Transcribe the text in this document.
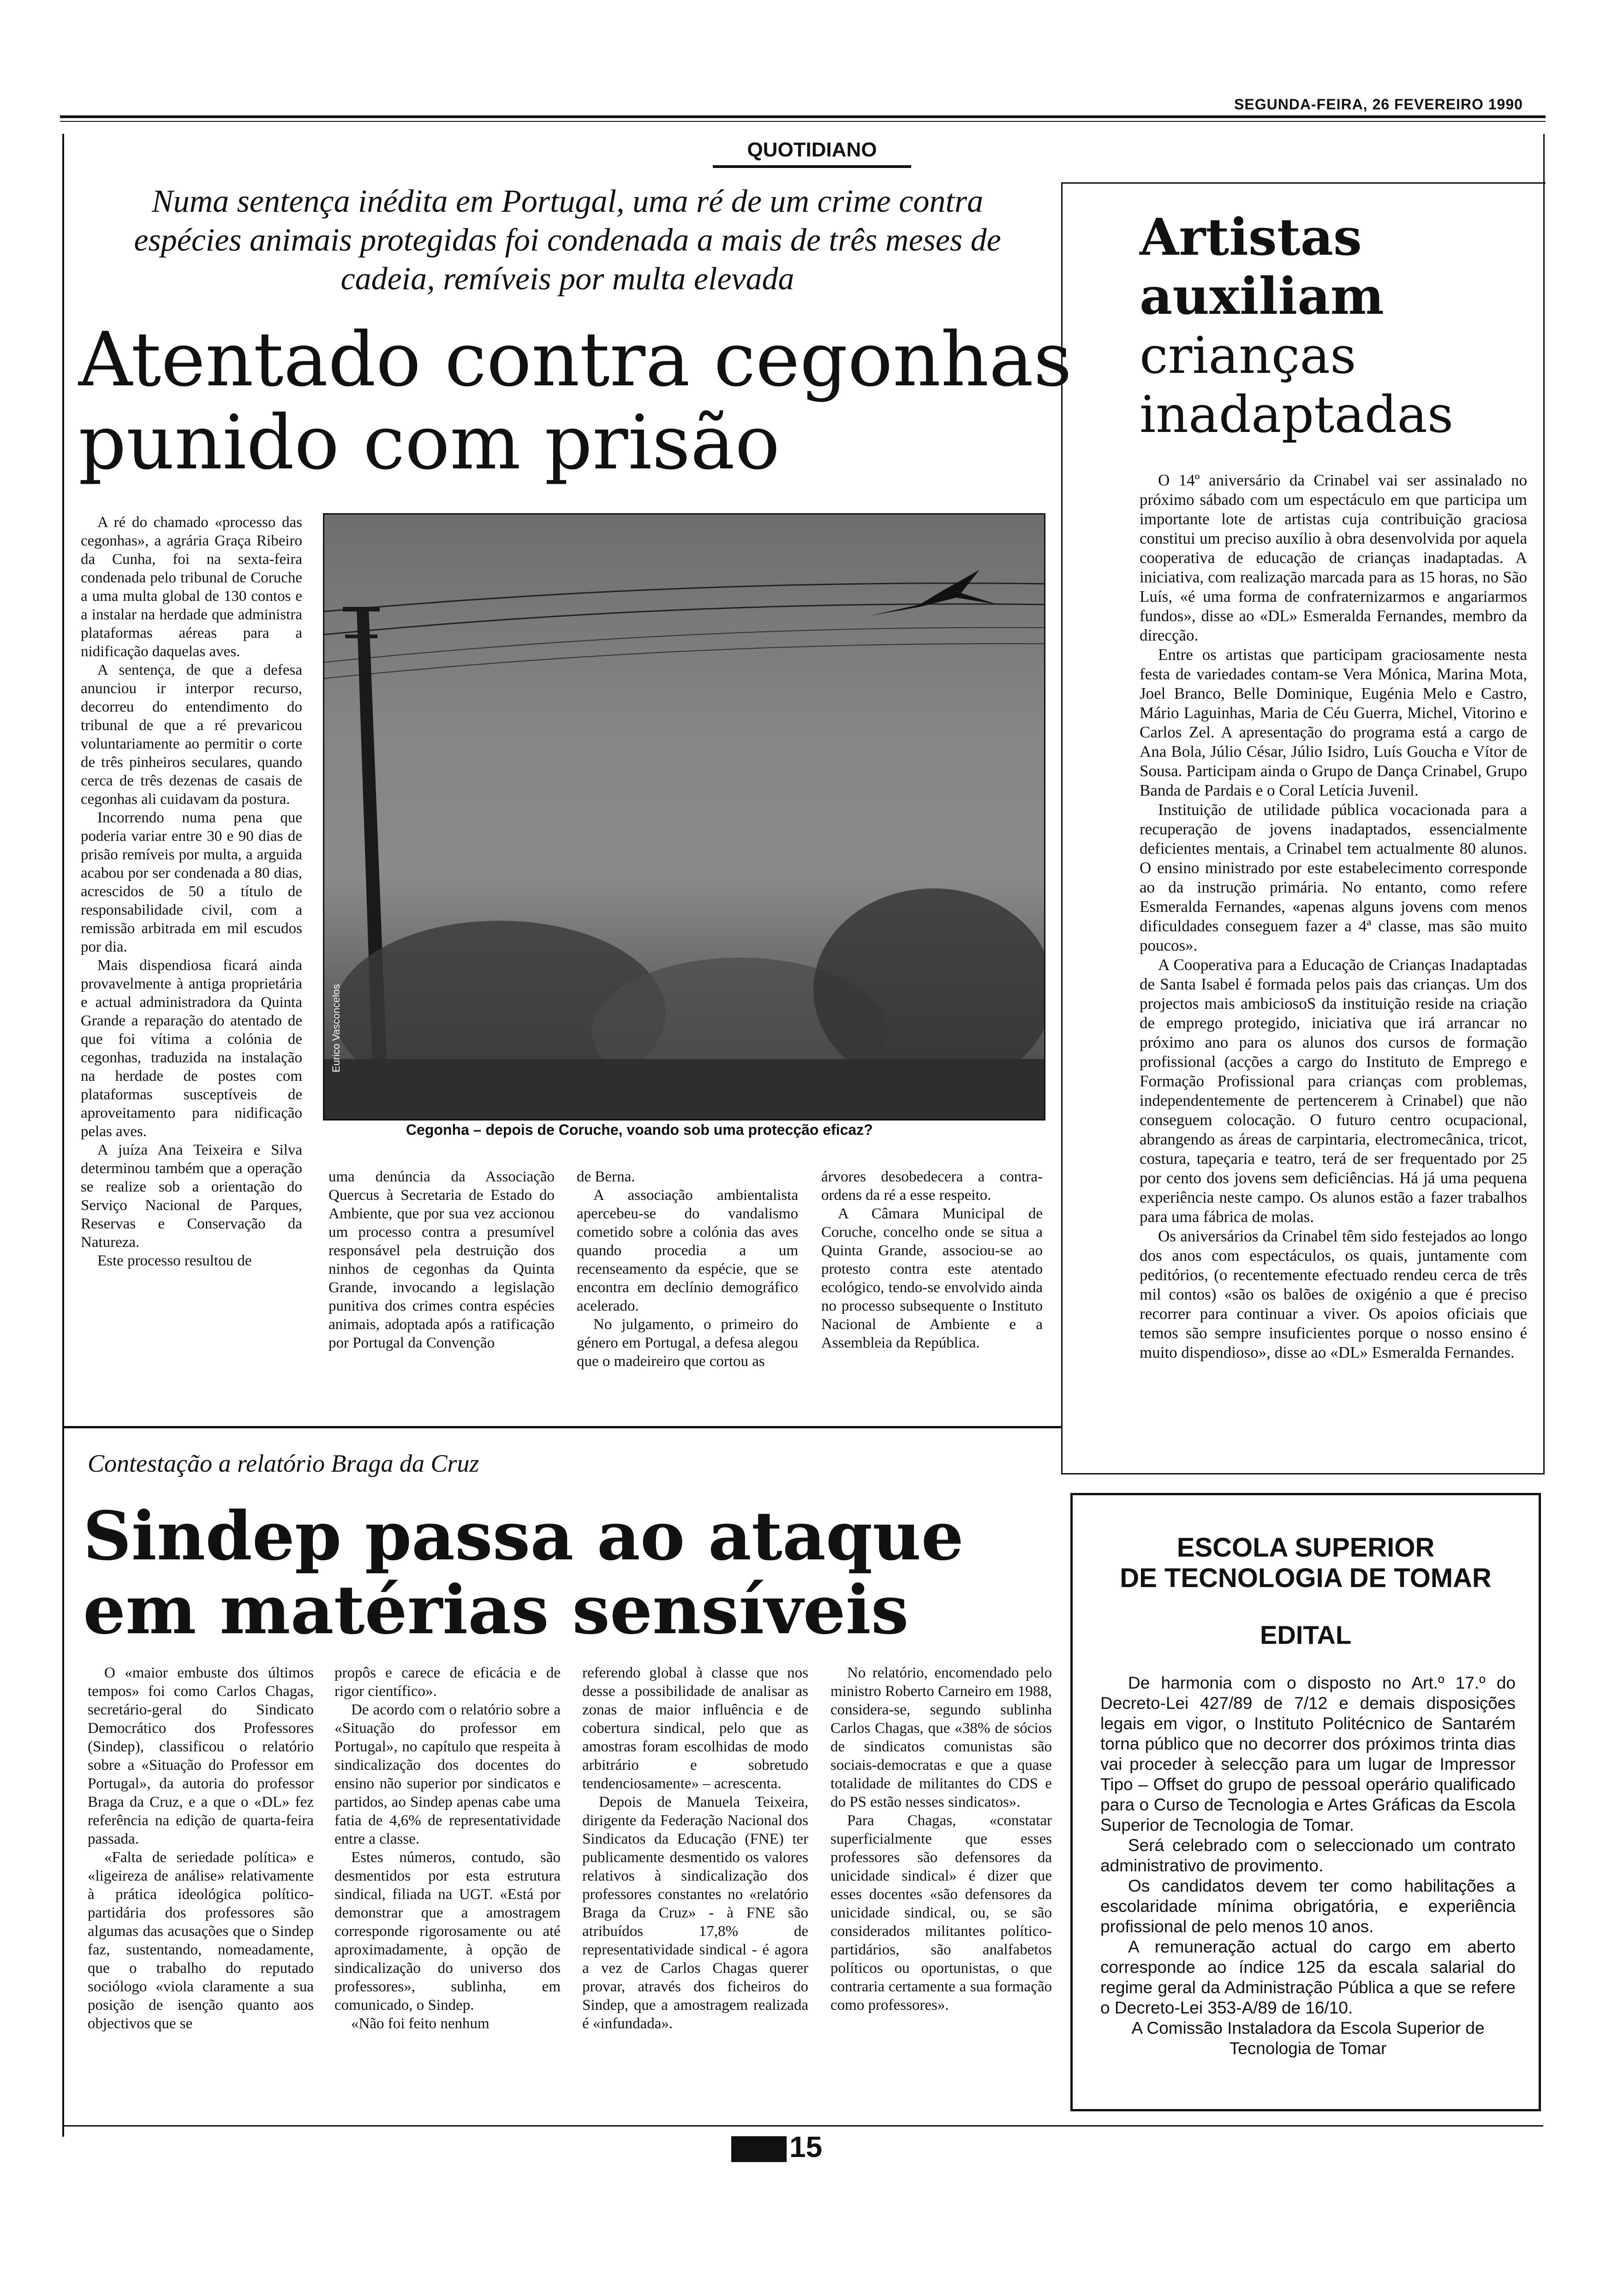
SEGUNDA-FEIRA, 26 FEVEREIRO 1990
QUOTIDIANO
Numa sentença inédita em Portugal, uma ré de um crime contra espécies animais protegidas foi condenada a mais de três meses de cadeia, remíveis por multa elevada
Atentado contra cegonhas
punido com prisão

A ré do chamado «processo das cegonhas», a agrária Graça Ribeiro da Cunha, foi na sexta-feira condenada pelo tribunal de Coruche a uma multa global de 130 contos e a instalar na herdade que administra plataformas aéreas para a nidificação daquelas aves.

A sentença, de que a defesa anunciou ir interpor recurso, decorreu do entendimento do tribunal de que a ré prevaricou voluntariamente ao permitir o corte de três pinheiros seculares, quando cerca de três dezenas de casais de cegonhas ali cuidavam da postura.

Incorrendo numa pena que poderia variar entre 30 e 90 dias de prisão remíveis por multa, a arguida acabou por ser condenada a 80 dias, acrescidos de 50 a título de responsabilidade civil, com a remissão arbitrada em mil escudos por dia.

Mais dispendiosa ficará ainda provavelmente à antiga proprietária e actual administradora da Quinta Grande a reparação do atentado de que foi vítima a colónia de cegonhas, traduzida na instalação na herdade de postes com plataformas susceptíveis de aproveitamento para nidificação pelas aves.

A juíza Ana Teixeira e Silva determinou também que a operação se realize sob a orientação do Serviço Nacional de Parques, Reservas e Conservação da Natureza.

Este processo resultou de

Eurico Vasconcelos
Cegonha – depois de Coruche, voando sob uma protecção eficaz?

uma denúncia da Associação Quercus à Secretaria de Estado do Ambiente, que por sua vez accionou um processo contra a presumível responsável pela destruição dos ninhos de cegonhas da Quinta Grande, invocando a legislação punitiva dos crimes contra espécies animais, adoptada após a ratificação por Portugal da Convenção

de Berna.

A associação ambientalista apercebeu-se do vandalismo cometido sobre a colónia das aves quando procedia a um recenseamento da espécie, que se encontra em declínio demográfico acelerado.

No julgamento, o primeiro do género em Portugal, a defesa alegou que o madeireiro que cortou as

árvores desobedecera a contra-ordens da ré a esse respeito.

A Câmara Municipal de Coruche, concelho onde se situa a Quinta Grande, associou-se ao protesto contra este atentado ecológico, tendo-se envolvido ainda no processo subsequente o Instituto Nacional de Ambiente e a Assembleia da República.

Artistas
auxiliam
crianças
inadaptadas

O 14º aniversário da Crinabel vai ser assinalado no próximo sábado com um espectáculo em que participa um importante lote de artistas cuja contribuição graciosa constitui um preciso auxílio à obra desenvolvida por aquela cooperativa de educação de crianças inadaptadas. A iniciativa, com realização marcada para as 15 horas, no São Luís, «é uma forma de confraternizarmos e angariarmos fundos», disse ao «DL» Esmeralda Fernandes, membro da direcção.

Entre os artistas que participam graciosamente nesta festa de variedades contam-se Vera Mónica, Marina Mota, Joel Branco, Belle Dominique, Eugénia Melo e Castro, Mário Laguinhas, Maria de Céu Guerra, Michel, Vitorino e Carlos Zel. A apresentação do programa está a cargo de Ana Bola, Júlio César, Júlio Isidro, Luís Goucha e Vítor de Sousa. Participam ainda o Grupo de Dança Crinabel, Grupo Banda de Pardais e o Coral Letícia Juvenil.

Instituição de utilidade pública vocacionada para a recuperação de jovens inadaptados, essencialmente deficientes mentais, a Crinabel tem actualmente 80 alunos. O ensino ministrado por este estabelecimento corresponde ao da instrução primária. No entanto, como refere Esmeralda Fernandes, «apenas alguns jovens com menos dificuldades conseguem fazer a 4ª classe, mas são muito poucos».

A Cooperativa para a Educação de Crianças Inadaptadas de Santa Isabel é formada pelos pais das crianças. Um dos projectos mais ambiciosoS da instituição reside na criação de emprego protegido, iniciativa que irá arrancar no próximo ano para os alunos dos cursos de formação profissional (acções a cargo do Instituto de Emprego e Formação Profissional para crianças com problemas, independentemente de pertencerem à Crinabel) que não conseguem colocação. O futuro centro ocupacional, abrangendo as áreas de carpintaria, electromecânica, tricot, costura, tapeçaria e teatro, terá de ser frequentado por 25 por cento dos jovens sem deficiências. Há já uma pequena experiência neste campo. Os alunos estão a fazer trabalhos para uma fábrica de molas.

Os aniversários da Crinabel têm sido festejados ao longo dos anos com espectáculos, os quais, juntamente com peditórios, (o recentemente efectuado rendeu cerca de três mil contos) «são os balões de oxigénio a que é preciso recorrer para continuar a viver. Os apoios oficiais que temos são sempre insuficientes porque o nosso ensino é muito dispendioso», disse ao «DL» Esmeralda Fernandes.

Contestação a relatório Braga da Cruz
Sindep passa ao ataque
em matérias sensíveis

O «maior embuste dos últimos tempos» foi como Carlos Chagas, secretário-geral do Sindicato Democrático dos Professores (Sindep), classificou o relatório sobre a «Situação do Professor em Portugal», da autoria do professor Braga da Cruz, e a que o «DL» fez referência na edição de quarta-feira passada.

«Falta de seriedade política» e «ligeireza de análise» relativamente à prática ideológica político-partidária dos professores são algumas das acusações que o Sindep faz, sustentando, nomeadamente, que o trabalho do reputado sociólogo «viola claramente a sua posição de isenção quanto aos objectivos que se

propôs e carece de eficácia e de rigor científico».

De acordo com o relatório sobre a «Situação do professor em Portugal», no capítulo que respeita à sindicalização dos docentes do ensino não superior por sindicatos e partidos, ao Sindep apenas cabe uma fatia de 4,6% de representatividade entre a classe.

Estes números, contudo, são desmentidos por esta estrutura sindical, filiada na UGT. «Está por demonstrar que a amostragem corresponde rigorosamente ou até aproximadamente, à opção de sindicalização do universo dos professores», sublinha, em comunicado, o Sindep.

«Não foi feito nenhum

referendo global à classe que nos desse a possibilidade de analisar as zonas de maior influência e de cobertura sindical, pelo que as amostras foram escolhidas de modo arbitrário e sobretudo tendenciosamente» – acrescenta.

Depois de Manuela Teixeira, dirigente da Federação Nacional dos Sindicatos da Educação (FNE) ter publicamente desmentido os valores relativos à sindicalização dos professores constantes no «relatório Braga da Cruz» - à FNE são atribuídos 17,8% de representatividade sindical - é agora a vez de Carlos Chagas querer provar, através dos ficheiros do Sindep, que a amostragem realizada é «infundada».

No relatório, encomendado pelo ministro Roberto Carneiro em 1988, considera-se, segundo sublinha Carlos Chagas, que «38% de sócios de sindicatos comunistas são sociais-democratas e que a quase totalidade de militantes do CDS e do PS estão nesses sindicatos».

Para Chagas, «constatar superficialmente que esses professores são defensores da unicidade sindical» é dizer que esses docentes «são defensores da unicidade sindical, ou, se são considerados militantes político-partidários, são analfabetos políticos ou oportunistas, o que contraria certamente a sua formação como professores».

ESCOLA SUPERIOR
DE TECNOLOGIA DE TOMAR
EDITAL

De harmonia com o disposto no Art.º 17.º do Decreto-Lei 427/89 de 7/12 e demais disposições legais em vigor, o Instituto Politécnico de Santarém torna público que no decorrer dos próximos trinta dias vai proceder à selecção para um lugar de Impressor Tipo – Offset do grupo de pessoal operário qualificado para o Curso de Tecnologia e Artes Gráficas da Escola Superior de Tecnologia de Tomar.

Será celebrado com o seleccionado um contrato administrativo de provimento.

Os candidatos devem ter como habilitações a escolaridade mínima obrigatória, e experiência profissional de pelo menos 10 anos.

A remuneração actual do cargo em aberto corresponde ao índice 125 da escala salarial do regime geral da Administração Pública a que se refere o Decreto-Lei 353-A/89 de 16/10.

A Comissão Instaladora da Escola Superior de Tecnologia de Tomar

15
